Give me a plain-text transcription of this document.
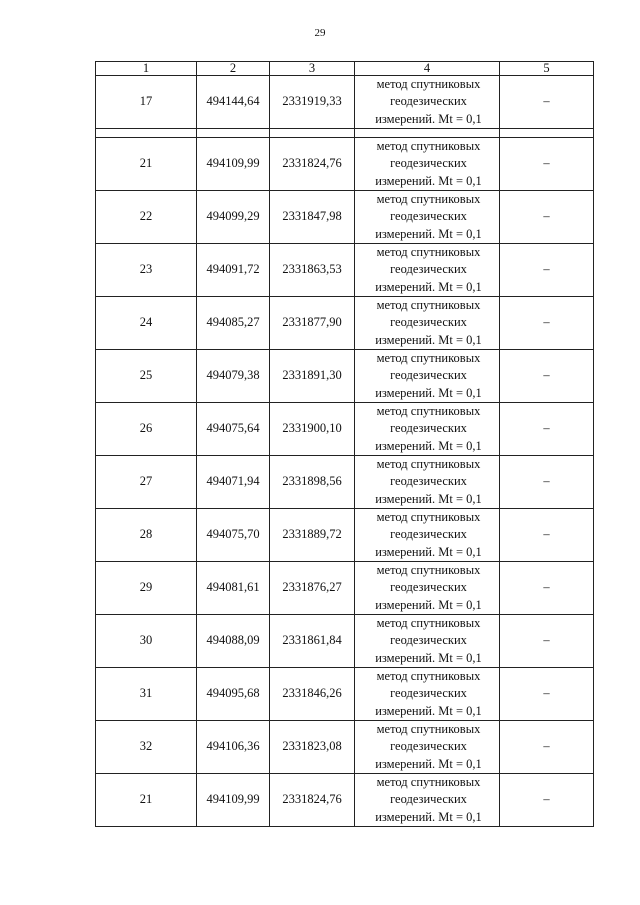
29
1	2	3	4	5
17	494144,64	2331919,33	метод спутниковых
геодезических
измерений. Mt = 0,1	–

21	494109,99	2331824,76	метод спутниковых
геодезических
измерений. Mt = 0,1	–
22	494099,29	2331847,98	метод спутниковых
геодезических
измерений. Mt = 0,1	–
23	494091,72	2331863,53	метод спутниковых
геодезических
измерений. Mt = 0,1	–
24	494085,27	2331877,90	метод спутниковых
геодезических
измерений. Mt = 0,1	–
25	494079,38	2331891,30	метод спутниковых
геодезических
измерений. Mt = 0,1	–
26	494075,64	2331900,10	метод спутниковых
геодезических
измерений. Mt = 0,1	–
27	494071,94	2331898,56	метод спутниковых
геодезических
измерений. Mt = 0,1	–
28	494075,70	2331889,72	метод спутниковых
геодезических
измерений. Mt = 0,1	–
29	494081,61	2331876,27	метод спутниковых
геодезических
измерений. Mt = 0,1	–
30	494088,09	2331861,84	метод спутниковых
геодезических
измерений. Mt = 0,1	–
31	494095,68	2331846,26	метод спутниковых
геодезических
измерений. Mt = 0,1	–
32	494106,36	2331823,08	метод спутниковых
геодезических
измерений. Mt = 0,1	–
21	494109,99	2331824,76	метод спутниковых
геодезических
измерений. Mt = 0,1	–
